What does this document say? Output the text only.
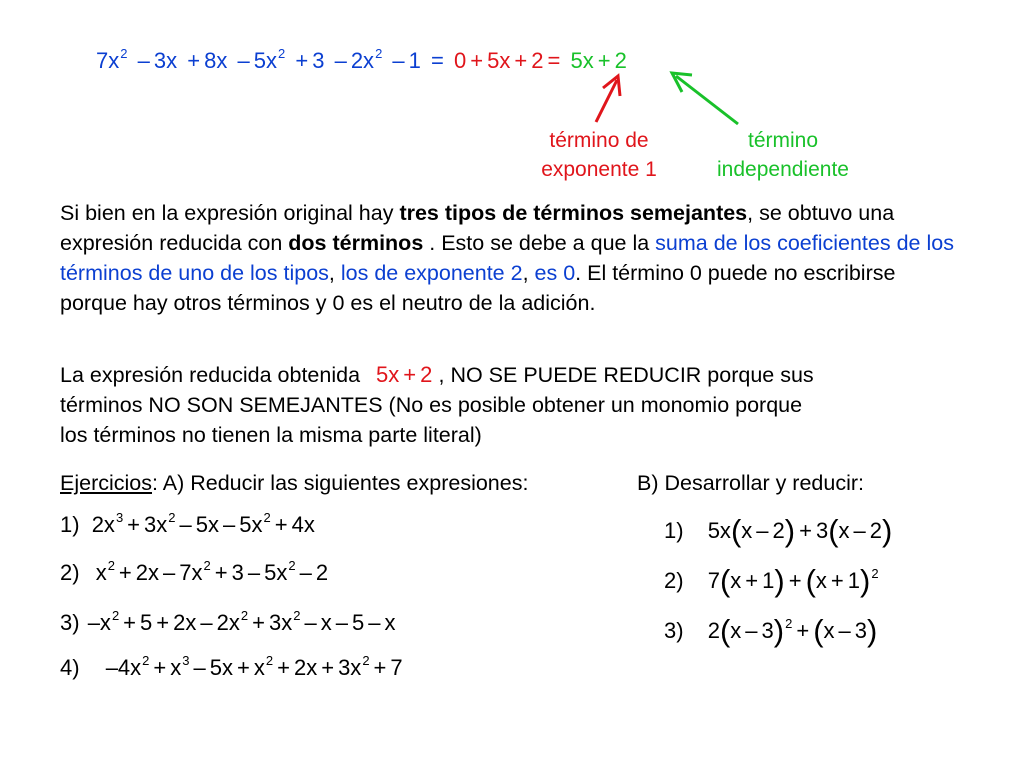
$7x^2 - 3x + 8x - 5x^2 + 3 - 2x^2 - 1 = 0 + 5x + 2 = 5x + 2$
término de
exponente 1
término
independiente
Si bien en la expresión original hay tres tipos de términos semejantes, se obtuvo una expresión reducida con dos términos . Esto se debe a que la suma de los coeficientes de los términos de uno de los tipos, los de exponente 2, es 0. El término 0 puede no escribirse porque hay otros términos y 0 es el neutro de la adición.
La expresión reducida obtenida 5x + 2 , NO SE PUEDE REDUCIR porque sus
términos NO SON SEMEJANTES (No es posible obtener un monomio porque
los términos no tienen la misma parte literal)
Ejercicios: A) Reducir las siguientes expresiones:	B) Desarrollar y reducir:
1) $2x^3 + 3x^2 - 5x - 5x^2 + 4x$
2) $x^2 + 2x - 7x^2 + 3 - 5x^2 - 2$
3) $-x^2 + 5 + 2x - 2x^2 + 3x^2 - x - 5 - x$
4) $-4x^2 + x^3 - 5x + x^2 + 2x + 3x^2 + 7$
1) 5x(x – 2) + 3(x – 2)
2) $7(x + 1) + (x + 1)^2$
3) 2(x – 3)$^2$ + (x – 3)
